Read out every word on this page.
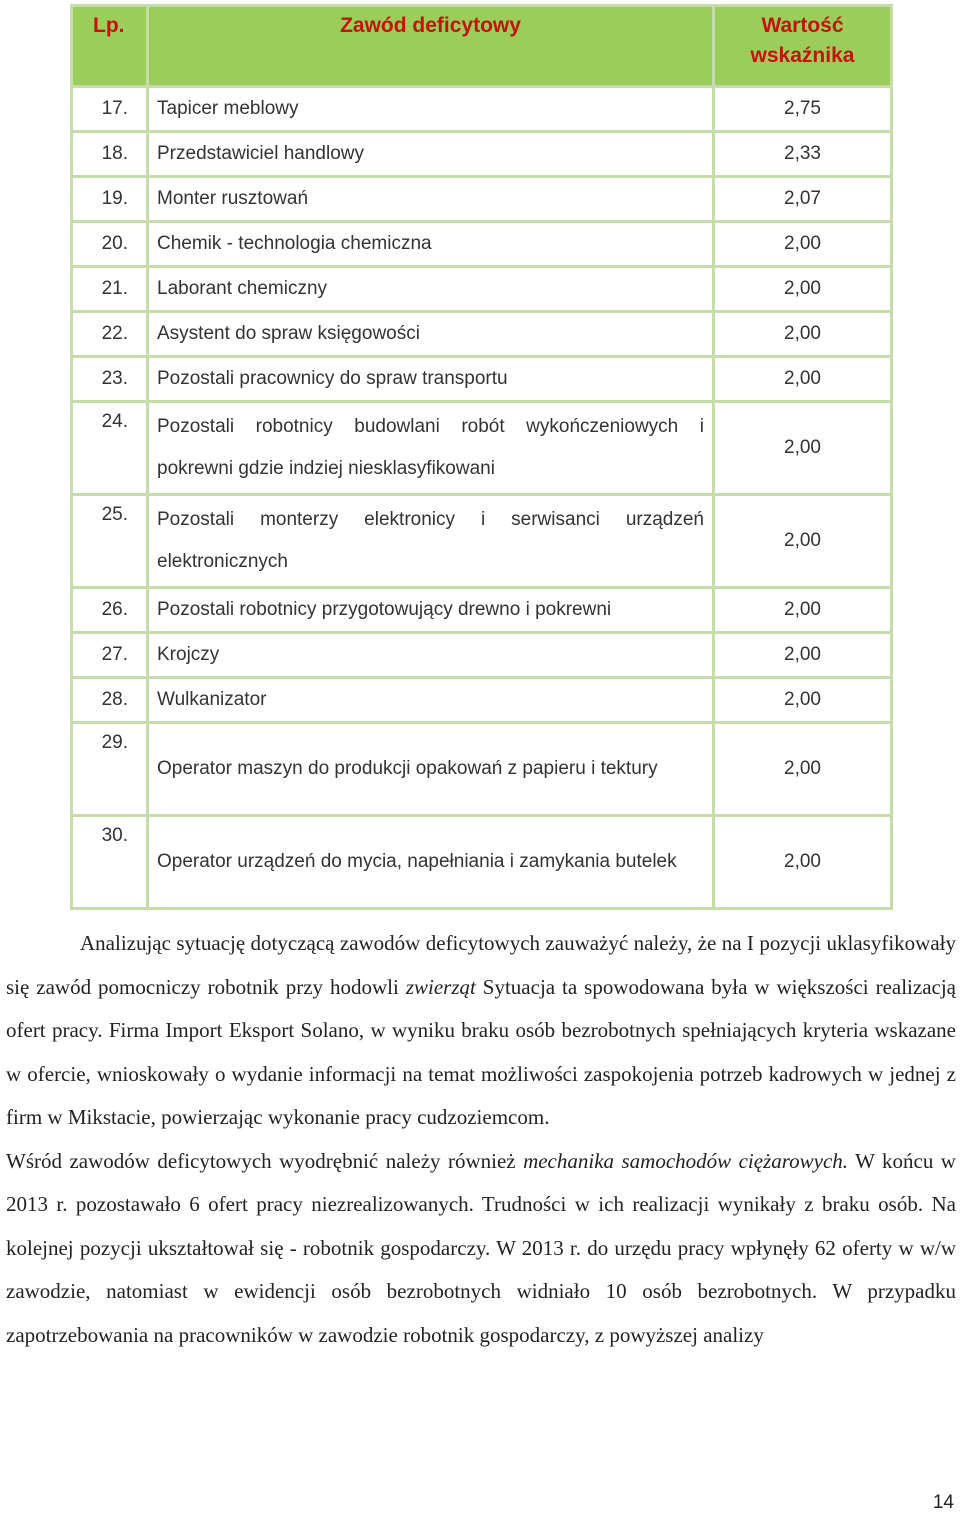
Lp.	Zawód deficytowy	Wartość wskaźnika
17.	Tapicer meblowy	2,75
18.	Przedstawiciel handlowy	2,33
19.	Monter rusztowań	2,07
20.	Chemik - technologia chemiczna	2,00
21.	Laborant chemiczny	2,00
22.	Asystent do spraw księgowości	2,00
23.	Pozostali pracownicy do spraw transportu	2,00
24.	Pozostali robotnicy budowlani robót wykończeniowych i pokrewni gdzie indziej niesklasyfikowani	2,00
25.	Pozostali monterzy elektronicy i serwisanci urządzeń elektronicznych	2,00
26.	Pozostali robotnicy przygotowujący drewno i pokrewni	2,00
27.	Krojczy	2,00
28.	Wulkanizator	2,00
29.	Operator maszyn do produkcji opakowań z papieru i tektury	2,00
30.	Operator urządzeń do mycia, napełniania i zamykania butelek	2,00

Analizując sytuację dotyczącą zawodów deficytowych zauważyć należy, że na I pozycji uklasyfikowały się zawód pomocniczy robotnik przy hodowli zwierząt Sytuacja ta spowodowana była w większości realizacją ofert pracy. Firma Import Eksport Solano, w wyniku braku osób bezrobotnych spełniających kryteria wskazane w ofercie, wnioskowały o wydanie informacji na temat możliwości zaspokojenia potrzeb kadrowych w jednej z firm w Mikstacie, powierzając wykonanie pracy cudzoziemcom.

Wśród zawodów deficytowych wyodrębnić należy również mechanika samochodów ciężarowych. W końcu w 2013 r. pozostawało 6 ofert pracy niezrealizowanych. Trudności w ich realizacji wynikały z braku osób. Na kolejnej pozycji ukształtował się - robotnik gospodarczy. W 2013 r. do urzędu pracy wpłynęły 62 oferty w w/w zawodzie, natomiast w ewidencji osób bezrobotnych widniało 10 osób bezrobotnych. W przypadku zapotrzebowania na pracowników w zawodzie robotnik gospodarczy, z powyższej analizy

14
